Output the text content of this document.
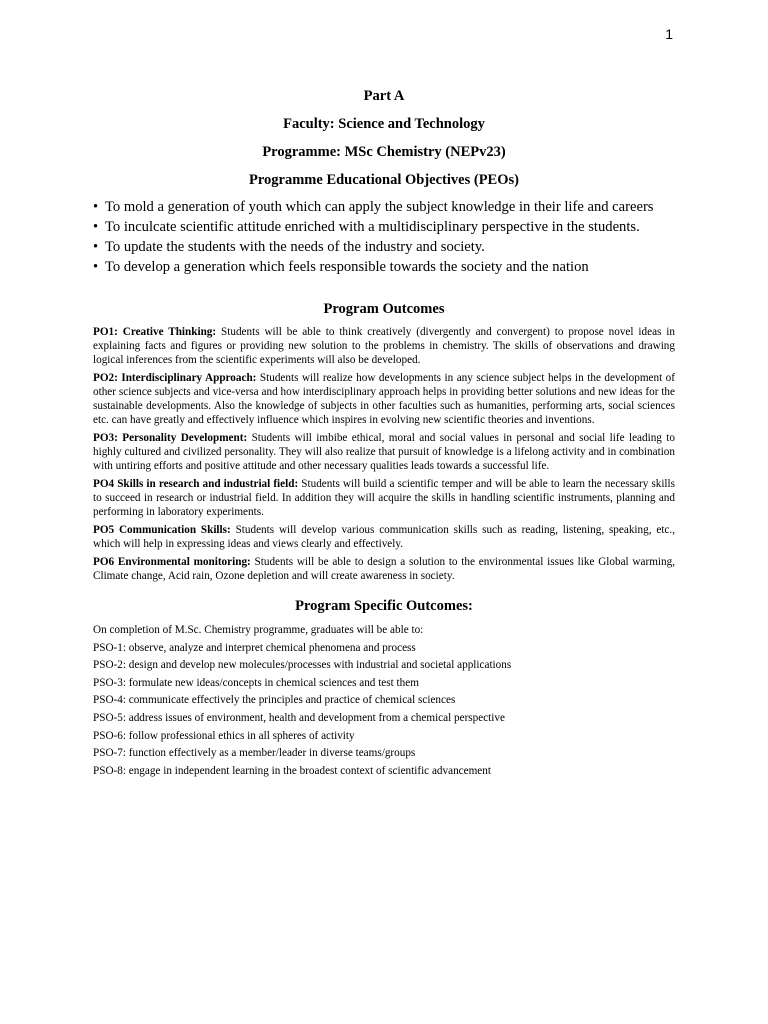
1
Part A
Faculty: Science and Technology
Programme: MSc Chemistry (NEPv23)
Programme Educational Objectives (PEOs)
• To mold a generation of youth which can apply the subject knowledge in their life and careers
• To inculcate scientific attitude enriched with a multidisciplinary perspective in the students.
• To update the students with the needs of the industry and society.
• To develop a generation which feels responsible towards the society and the nation
Program Outcomes

PO1: Creative Thinking: Students will be able to think creatively (divergently and convergent) to propose novel ideas in explaining facts and figures or providing new solution to the problems in chemistry. The skills of observations and drawing logical inferences from the scientific experiments will also be developed.

PO2: Interdisciplinary Approach: Students will realize how developments in any science subject helps in the development of other science subjects and vice-versa and how interdisciplinary approach helps in providing better solutions and new ideas for the sustainable developments. Also the knowledge of subjects in other faculties such as humanities, performing arts, social sciences etc. can have greatly and effectively influence which inspires in evolving new scientific theories and inventions.

PO3: Personality Development: Students will imbibe ethical, moral and social values in personal and social life leading to highly cultured and civilized personality. They will also realize that pursuit of knowledge is a lifelong activity and in combination with untiring efforts and positive attitude and other necessary qualities leads towards a successful life.

PO4 Skills in research and industrial field: Students will build a scientific temper and will be able to learn the necessary skills to succeed in research or industrial field. In addition they will acquire the skills in handling scientific instruments, planning and performing in laboratory experiments.

PO5 Communication Skills: Students will develop various communication skills such as reading, listening, speaking, etc., which will help in expressing ideas and views clearly and effectively.

PO6 Environmental monitoring: Students will be able to design a solution to the environmental issues like Global warming, Climate change, Acid rain, Ozone depletion and will create awareness in society.

Program Specific Outcomes:

On completion of M.Sc. Chemistry programme, graduates will be able to:

PSO-1: observe, analyze and interpret chemical phenomena and process

PSO-2: design and develop new molecules/processes with industrial and societal applications

PSO-3: formulate new ideas/concepts in chemical sciences and test them

PSO-4: communicate effectively the principles and practice of chemical sciences

PSO-5: address issues of environment, health and development from a chemical perspective

PSO-6: follow professional ethics in all spheres of activity

PSO-7: function effectively as a member/leader in diverse teams/groups

PSO-8: engage in independent learning in the broadest context of scientific advancement
